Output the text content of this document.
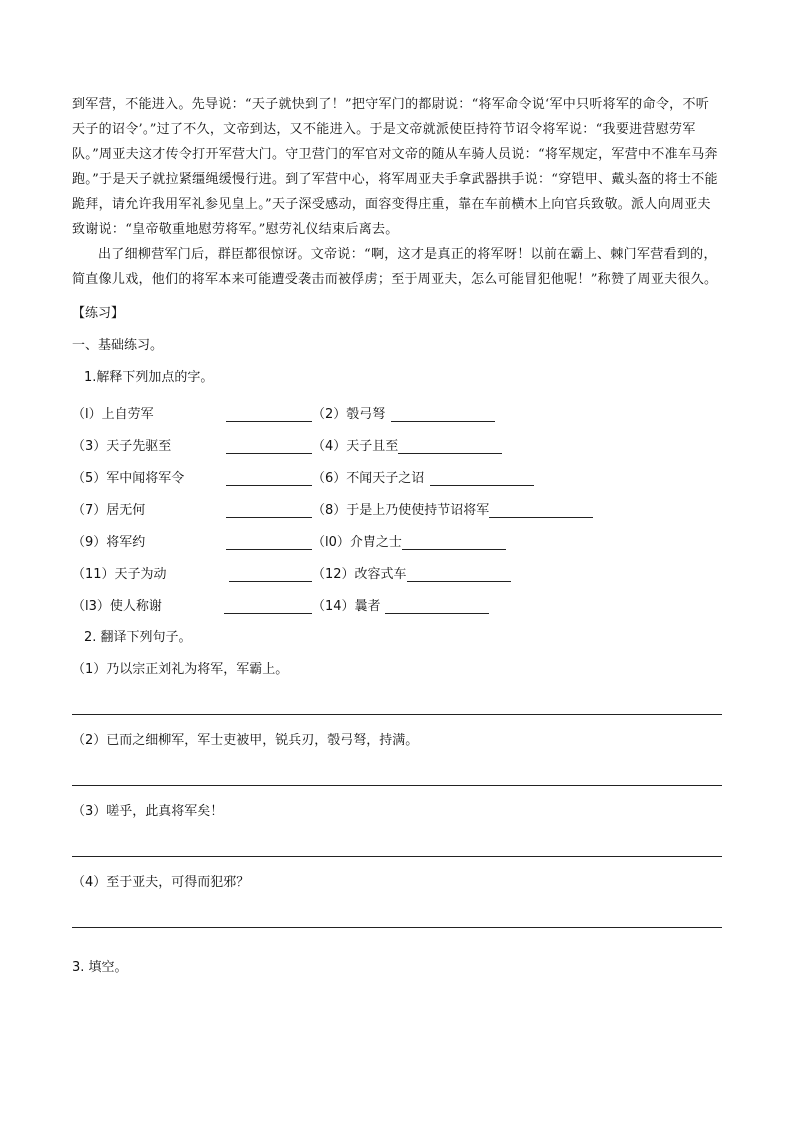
到军营，不能进入。先导说：“天子就快到了！”把守军门的都尉说：“将军命令说‘军中只听将军的命令，不听天子的诏令’。”过了不久，文帝到达，又不能进入。于是文帝就派使臣持符节诏令将军说：“我要进营慰劳军队。”周亚夫这才传令打开军营大门。守卫营门的军官对文帝的随从车骑人员说：“将军规定，军营中不准车马奔跑。”于是天子就拉紧缰绳缓慢行进。到了军营中心，将军周亚夫手拿武器拱手说：“穿铠甲、戴头盔的将士不能跪拜，请允许我用军礼参见皇上。”天子深受感动，面容变得庄重，靠在车前横木上向官兵致敬。派人向周亚夫致谢说：“皇帝敬重地慰劳将军。”慰劳礼仪结束后离去。

出了细柳营军门后，群臣都很惊讶。文帝说：“啊，这才是真正的将军呀！以前在霸上、棘门军营看到的，简直像儿戏，他们的将军本来可能遭受袭击而被俘虏；至于周亚夫，怎么可能冒犯他呢！”称赞了周亚夫很久。

【练习】

一、基础练习。

1.解释下列加点的字。

（l） 上自劳军	（2） 彀弓弩
（3） 天子先驱至	（4） 天子且至
（5） 军中闻将军令	（6） 不闻天子之诏
（7） 居无何	（8） 于是上乃使使持节诏将军
（9） 将军约	（l0） 介胄之士
（11） 天子为动	（12） 改容式车
（l3） 使人称谢	（14） 曩者

2. 翻译下列句子。

（1）乃以宗正刘礼为将军，军霸上。
（2）已而之细柳军，军士吏被甲，锐兵刃，彀弓弩，持满。
（3）嗟乎，此真将军矣！
（4）至于亚夫，可得而犯邪？

3. 填空。
